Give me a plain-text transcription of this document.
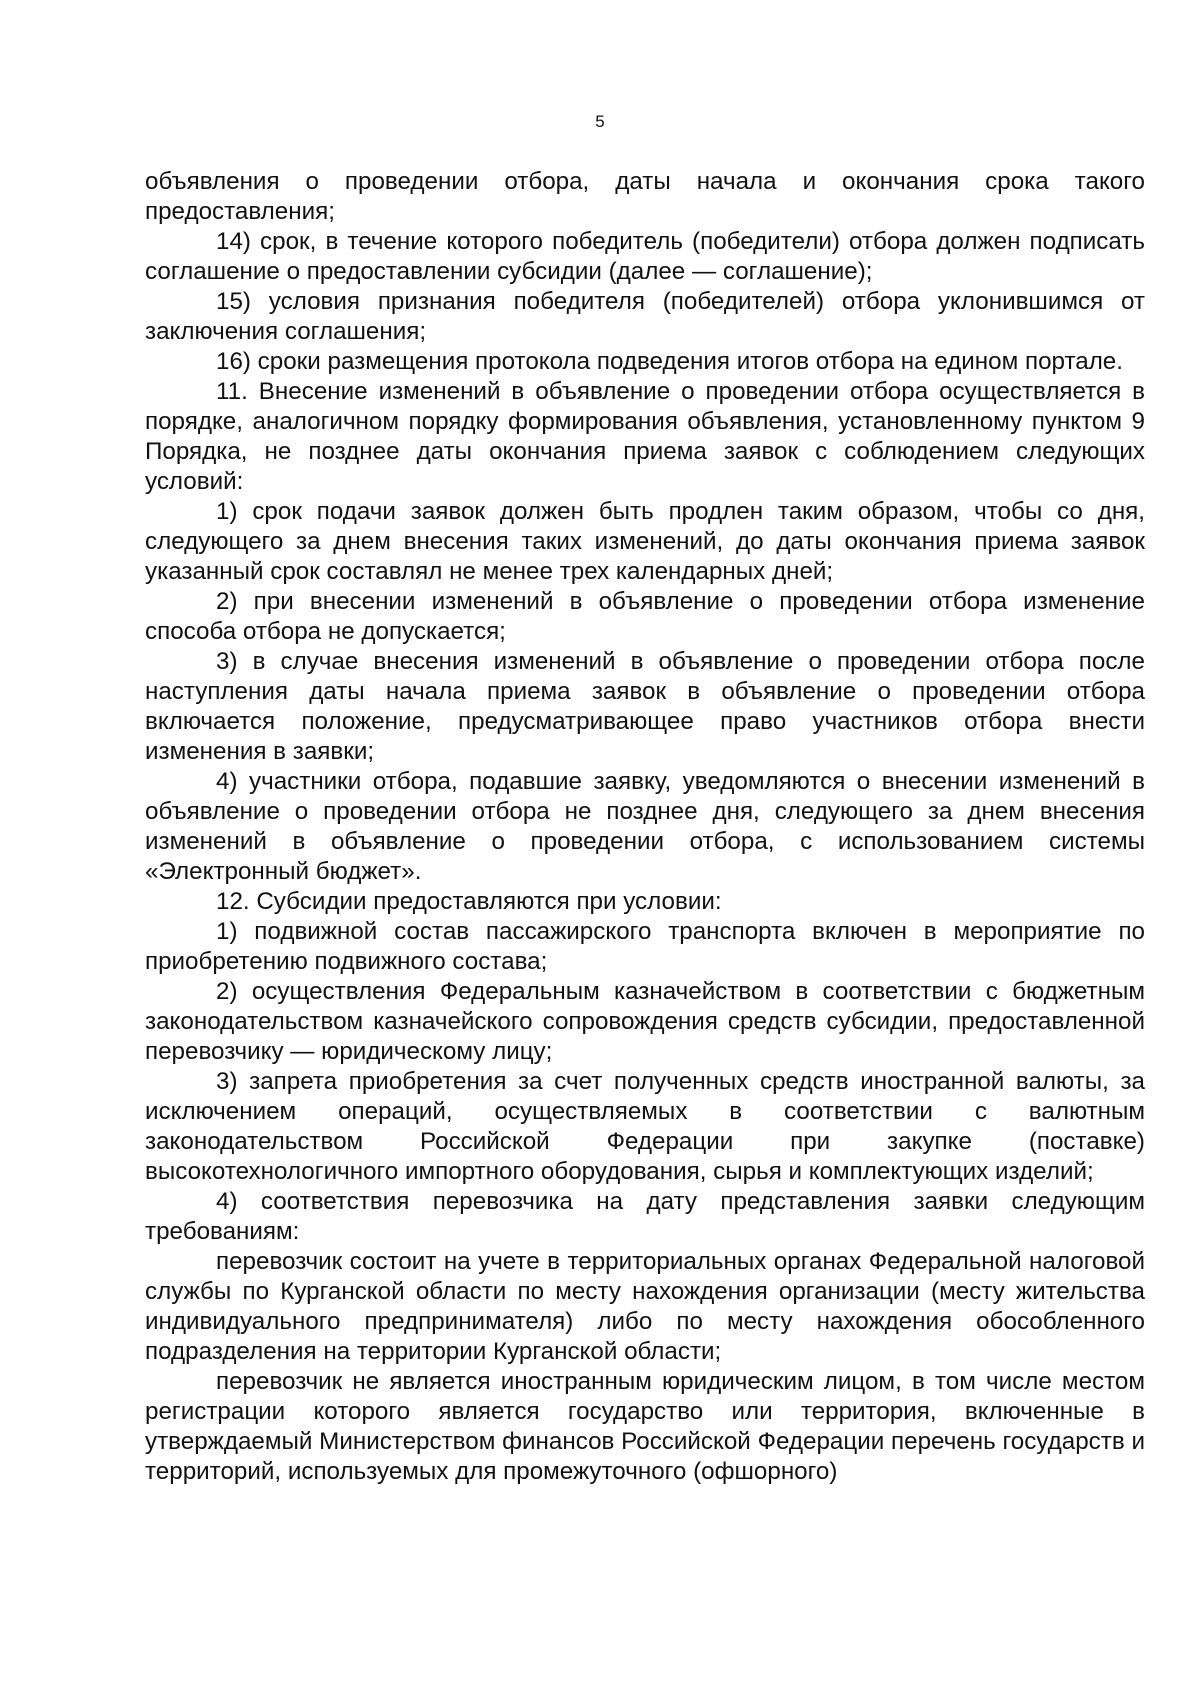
5

объявления о проведении отбора, даты начала и окончания срока такого предоставления;

14) срок, в течение которого победитель (победители) отбора должен подписать соглашение о предоставлении субсидии (далее — соглашение);

15) условия признания победителя (победителей) отбора уклонившимся от заключения соглашения;

16) сроки размещения протокола подведения итогов отбора на едином портале.

11. Внесение изменений в объявление о проведении отбора осуществляется в порядке, аналогичном порядку формирования объявления, установленному пунктом 9 Порядка, не позднее даты окончания приема заявок с соблюдением следующих условий:

1) срок подачи заявок должен быть продлен таким образом, чтобы со дня, следующего за днем внесения таких изменений, до даты окончания приема заявок указанный срок составлял не менее трех календарных дней;

2) при внесении изменений в объявление о проведении отбора изменение способа отбора не допускается;

3) в случае внесения изменений в объявление о проведении отбора после наступления даты начала приема заявок в объявление о проведении отбора включается положение, предусматривающее право участников отбора внести изменения в заявки;

4) участники отбора, подавшие заявку, уведомляются о внесении изменений в объявление о проведении отбора не позднее дня, следующего за днем внесения изменений в объявление о проведении отбора, с использованием системы «Электронный бюджет».

12. Субсидии предоставляются при условии:

1) подвижной состав пассажирского транспорта включен в мероприятие по приобретению подвижного состава;

2) осуществления Федеральным казначейством в соответствии с бюджетным законодательством казначейского сопровождения средств субсидии, предоставленной перевозчику — юридическому лицу;

3) запрета приобретения за счет полученных средств иностранной валюты, за исключением операций, осуществляемых в соответствии с валютным законодательством Российской Федерации при закупке (поставке) высокотехнологичного импортного оборудования, сырья и комплектующих изделий;

4) соответствия перевозчика на дату представления заявки следующим требованиям:

перевозчик состоит на учете в территориальных органах Федеральной налоговой службы по Курганской области по месту нахождения организации (месту жительства индивидуального предпринимателя) либо по месту нахождения обособленного подразделения на территории Курганской области;

перевозчик не является иностранным юридическим лицом, в том числе местом регистрации которого является государство или территория, включенные в утверждаемый Министерством финансов Российской Федерации перечень государств и территорий, используемых для промежуточного (офшорного)
